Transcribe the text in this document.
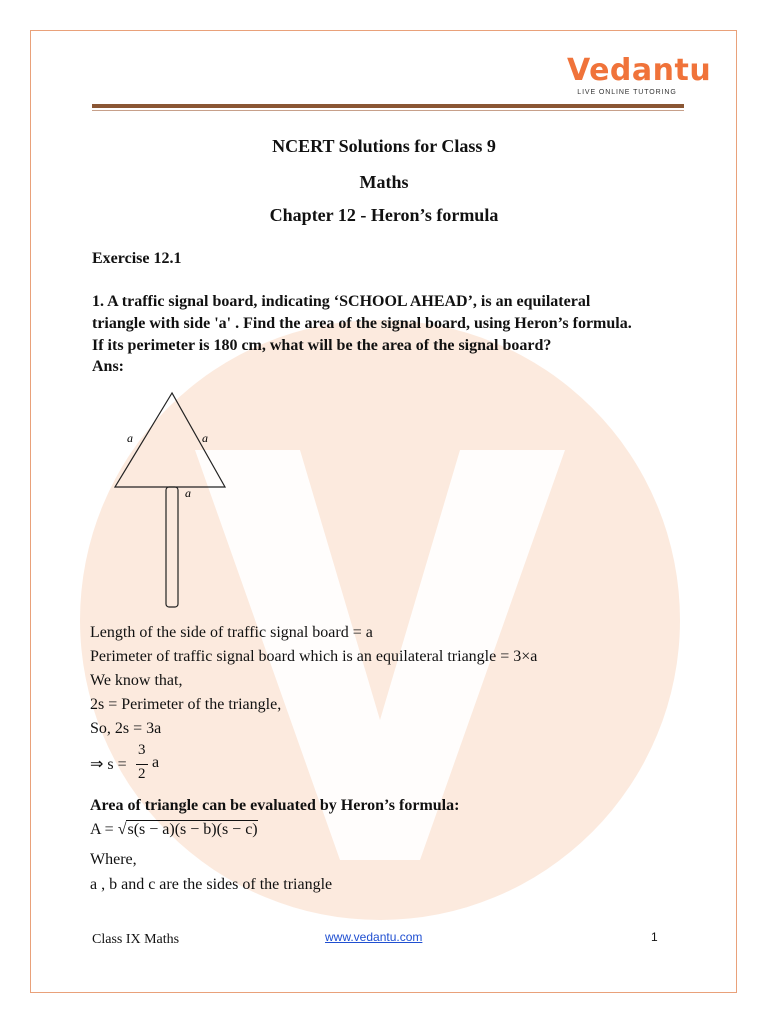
Vedantu
LIVE ONLINE TUTORING
NCERT Solutions for Class 9
Maths
Chapter 12 - Heron’s formula
Exercise 12.1
1. A traffic signal board, indicating ‘SCHOOL AHEAD’, is an equilateral
triangle with side 'a' . Find the area of the signal board, using Heron’s formula.
If its perimeter is 180 cm, what will be the area of the signal board?
Ans:
a	a
a
Length of the side of traffic signal board = a
Perimeter of traffic signal board which is an equilateral triangle = 3×a
We know that,
2s = Perimeter of the triangle,
So, 2s = 3a
⇒ s =
3
2
a
Area of triangle can be evaluated by Heron’s formula:
A = √s(s − a)(s − b)(s − c)
Where,
a , b and c are the sides of the triangle
Class IX Maths	www.vedantu.com	1
